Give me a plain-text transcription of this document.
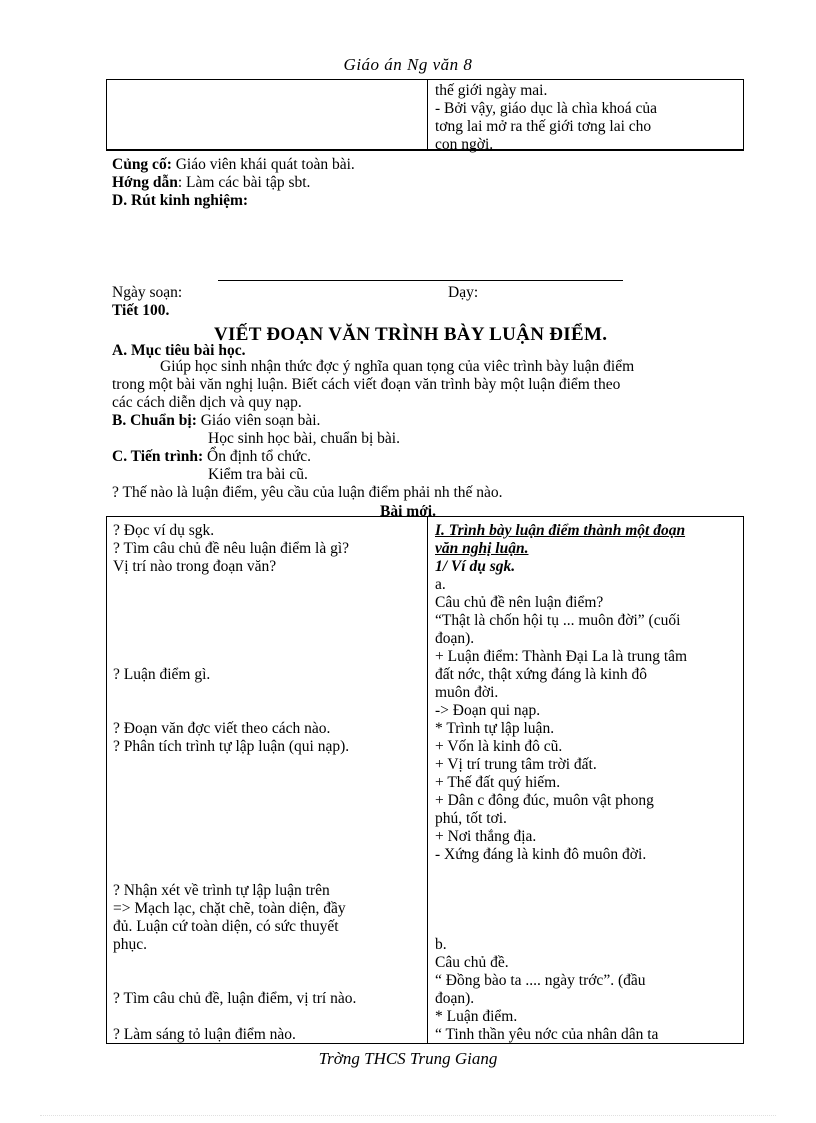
Giáo án Ng văn 8
thế giới ngày mai.
- Bởi vậy, giáo dục là chìa khoá của
tơng lai mở ra thế giới tơng lai cho
con ngời.
Củng cố: Giáo viên khái quát toàn bài.
Hớng dẫn: Làm các bài tập sbt.
D. Rút kinh nghiệm:
Ngày soạn:	Dạy:
Tiết 100.
VIẾT ĐOẠN VĂN TRÌNH BÀY LUẬN ĐIỂM.
A. Mục tiêu bài học.
Giúp học sinh nhận thức đợc ý nghĩa quan tọng của viêc trình bày luận điểm
trong một bài văn nghị luận. Biết cách viết đoạn văn trình bày một luận điểm theo
các cách diễn dịch và quy nạp.
B. Chuẩn bị: Giáo viên soạn bài.
Học sinh học bài, chuẩn bị bài.
C. Tiến trình: Ổn định tổ chức.
Kiểm tra bài cũ.
? Thế nào là luận điểm, yêu cầu của luận điểm phải nh thế nào.
Bài mới.
? Đọc ví dụ sgk.
? Tìm câu chủ đề nêu luận điểm là gì?
Vị trí nào trong đoạn văn?
? Luận điểm gì.
? Đoạn văn đợc viết theo cách nào.
? Phân tích trình tự lập luận (qui nạp).
? Nhận xét về trình tự lập luận trên
=> Mạch lạc, chặt chẽ, toàn diện, đầy
đủ. Luận cứ toàn diện, có sức thuyết
phục.
? Tìm câu chủ đề, luận điểm, vị trí nào.
? Làm sáng tỏ luận điểm nào.
I. Trình bày luận điểm thành một đoạn
văn nghị luận.
1/ Ví dụ sgk.
a.
Câu chủ đề nên luận điểm?
“Thật là chốn hội tụ ... muôn đời” (cuối
đoạn).
+ Luận điểm: Thành Đại La là trung tâm
đất nớc, thật xứng đáng là kinh đô
muôn đời.
-> Đoạn qui nạp.
* Trình tự lập luận.
+ Vốn là kinh đô cũ.
+ Vị trí trung tâm trời đất.
+ Thế đất quý hiếm.
+ Dân c đông đúc, muôn vật phong
phú, tốt tơi.
+ Nơi thắng địa.
- Xứng đáng là kinh đô muôn đời.
b.
Câu chủ đề.
“ Đồng bào ta .... ngày trớc”. (đầu
đoạn).
* Luận điểm.
“ Tinh thần yêu nớc của nhân dân ta
Trờng THCS Trung Giang
